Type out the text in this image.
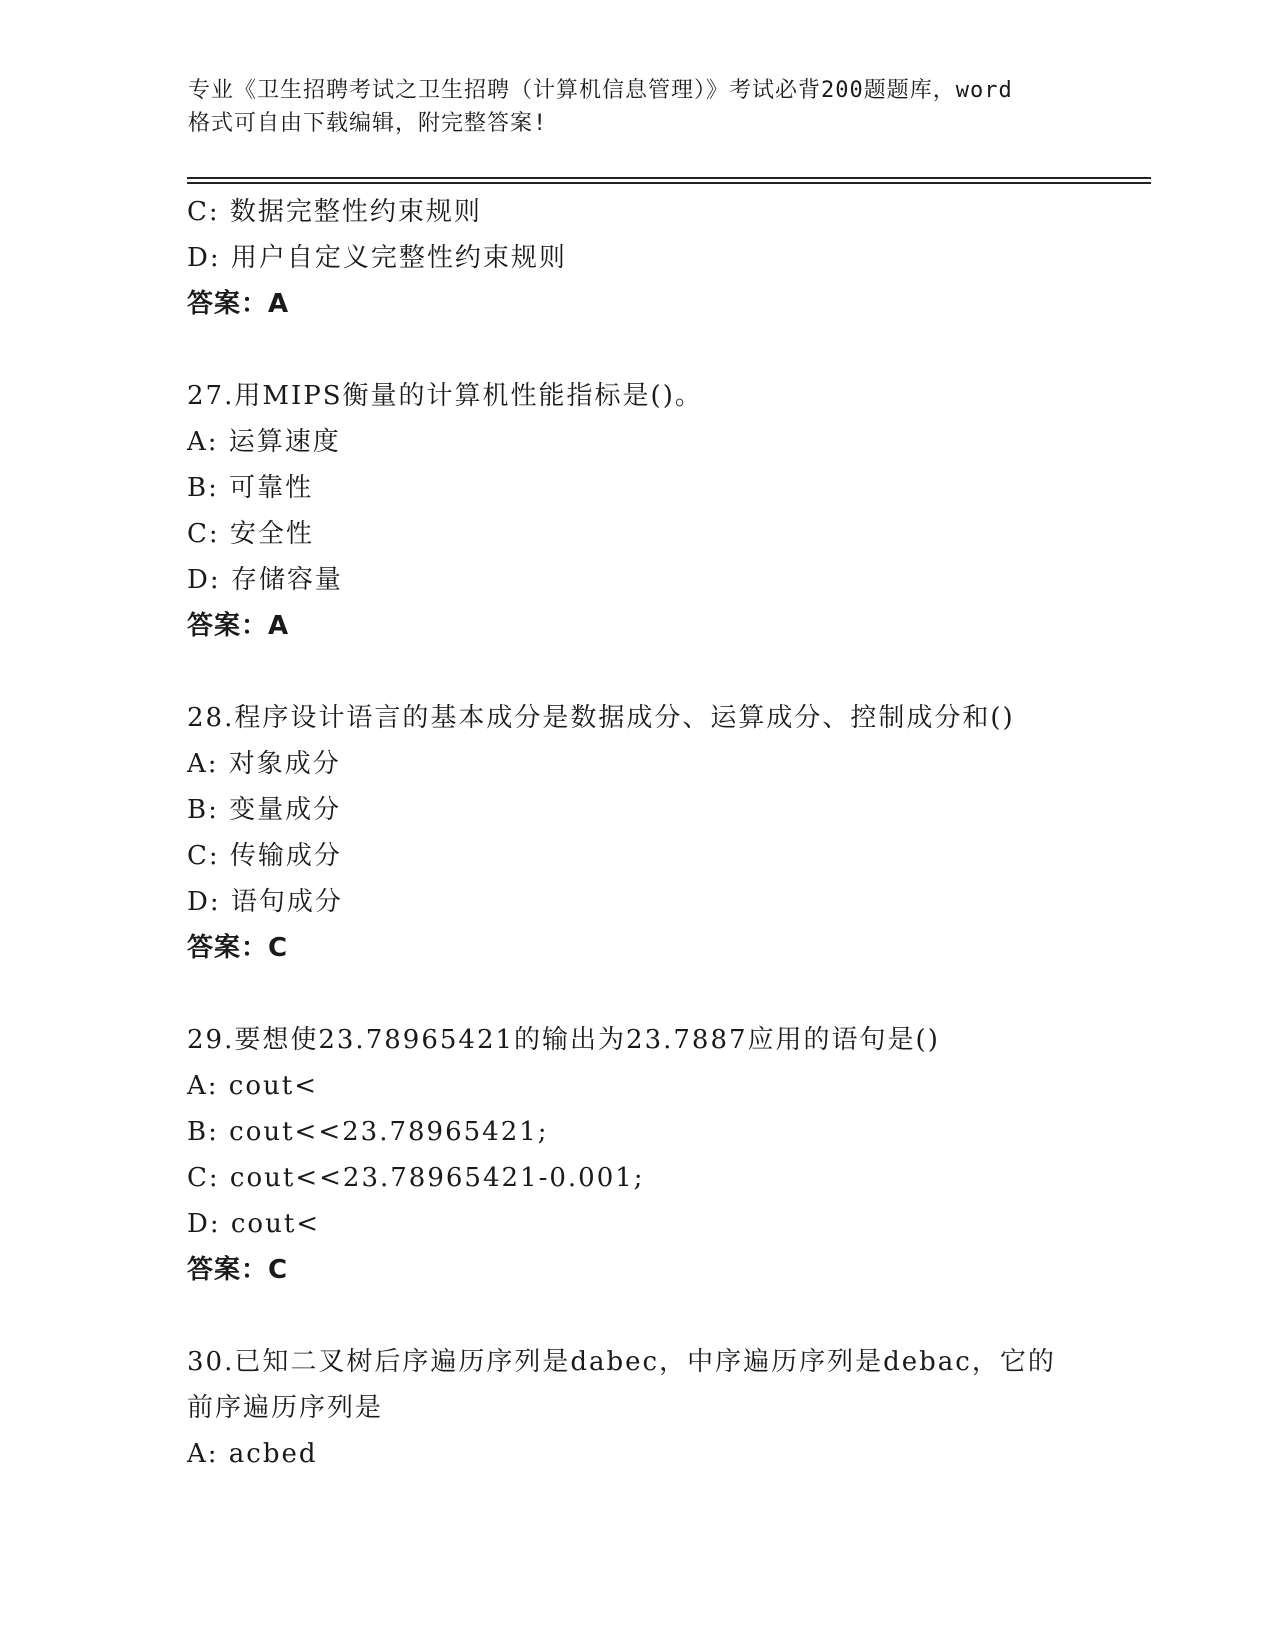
专业《卫生招聘考试之卫生招聘（计算机信息管理）》考试必背200题题库，word
格式可自由下载编辑，附完整答案!
C: 数据完整性约束规则
D: 用户自定义完整性约束规则
答案：A
27.用MIPS衡量的计算机性能指标是()。
A: 运算速度
B: 可靠性
C: 安全性
D: 存储容量
答案：A
28.程序设计语言的基本成分是数据成分、运算成分、控制成分和()
A: 对象成分
B: 变量成分
C: 传输成分
D: 语句成分
答案：C
29.要想使23.78965421的输出为23.7887应用的语句是()
A: cout<
B: cout<<23.78965421;
C: cout<<23.78965421-0.001;
D: cout<
答案：C
30.已知二叉树后序遍历序列是dabec，中序遍历序列是debac，它的
前序遍历序列是
A: acbed
